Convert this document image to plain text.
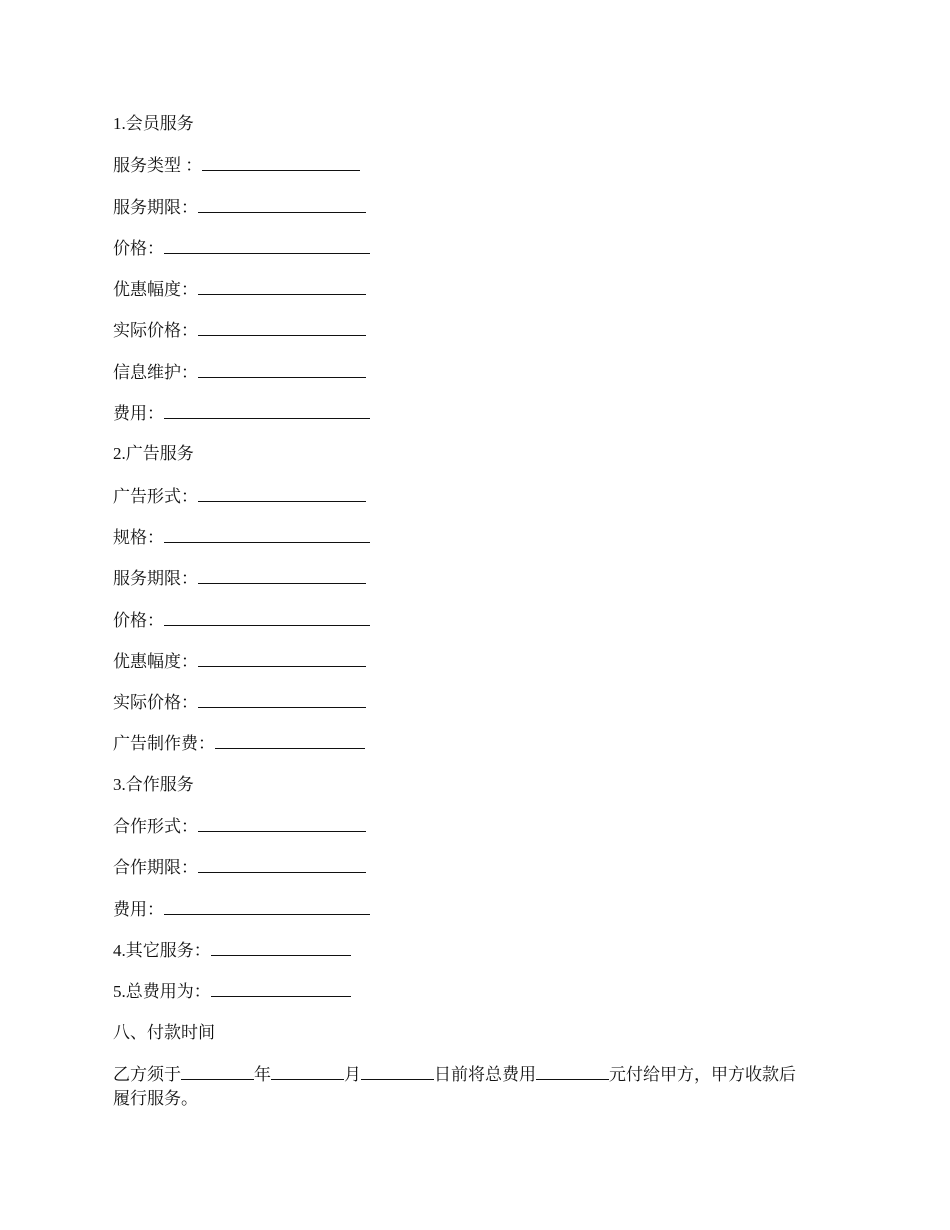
1.会员服务
服务类型 ：
服务期限：
价格：
优惠幅度：
实际价格：
信息维护：
费用：
2.广告服务
广告形式：
规格：
服务期限：
价格：
优惠幅度：
实际价格：
广告制作费：
3.合作服务
合作形式：
合作期限：
费用：
4.其它服务：
5.总费用为：
八、付款时间
乙方须于	年	月	日前将总费用	元付给甲方，甲方收款后
履行服务。
